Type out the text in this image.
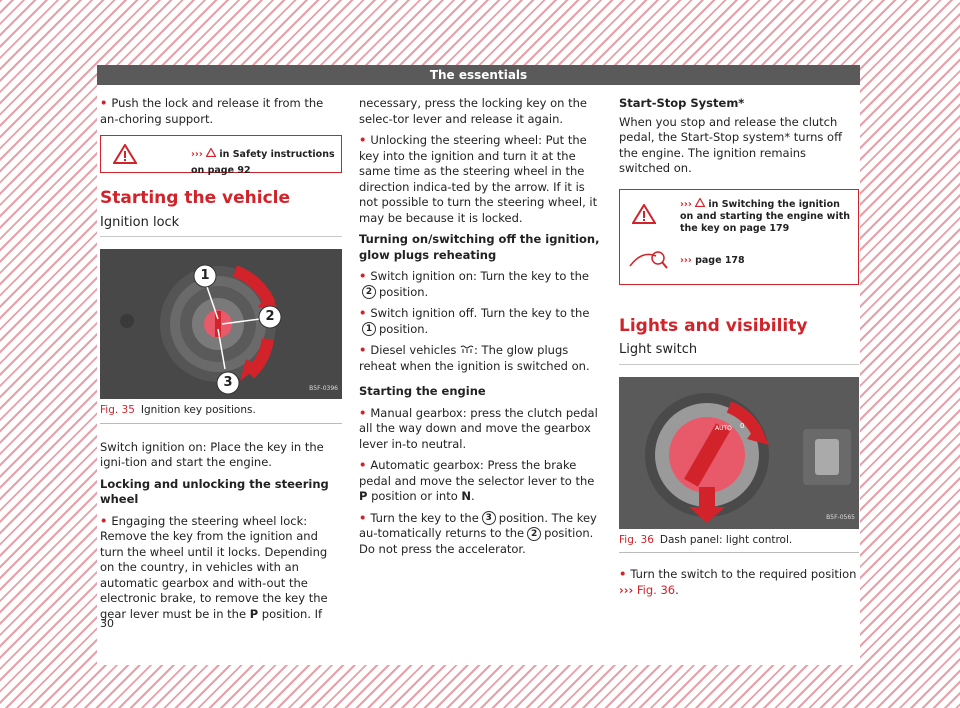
The essentials

• Push the lock and release it from the an-choring support.

››› in Safety instructions on page 92
Starting the vehicle
Ignition lock
1
2
3	B5F-0396
Fig. 35 Ignition key positions.

Switch ignition on: Place the key in the igni-tion and start the engine.

Locking and unlocking the steering wheel

• Engaging the steering wheel lock: Remove the key from the ignition and turn the wheel until it locks. Depending on the country, in vehicles with an automatic gearbox and with-out the electronic brake, to remove the key the gear lever must be in the P position. If

necessary, press the locking key on the selec-tor lever and release it again.

• Unlocking the steering wheel: Put the key into the ignition and turn it at the same time as the steering wheel in the direction indica-ted by the arrow. If it is not possible to turn the steering wheel, it may be because it is locked.

Turning on/switching off the ignition, glow plugs reheating

• Switch ignition on: Turn the key to the2 position.

• Switch ignition off. Turn the key to the1 position.

• Diesel vehicles : The glow plugs reheat when the ignition is switched on.

Starting the engine

• Manual gearbox: press the clutch pedal all the way down and move the gearbox lever in-to neutral.

• Automatic gearbox: Press the brake pedal and move the selector lever to the P position or into N.

• Turn the key to the 3 position. The key au-tomatically returns to the 2 position. Do not press the accelerator.

Start-Stop System*

When you stop and release the clutch pedal, the Start-Stop system* turns off the engine. The ignition remains switched on.

››› in Switching the ignition on and starting the engine with the key on page 179
››› page 178
Lights and visibility
Light switch
AUTO 0
B5F-0565
Fig. 36 Dash panel: light control.

• Turn the switch to the required position
››› Fig. 36.

30
